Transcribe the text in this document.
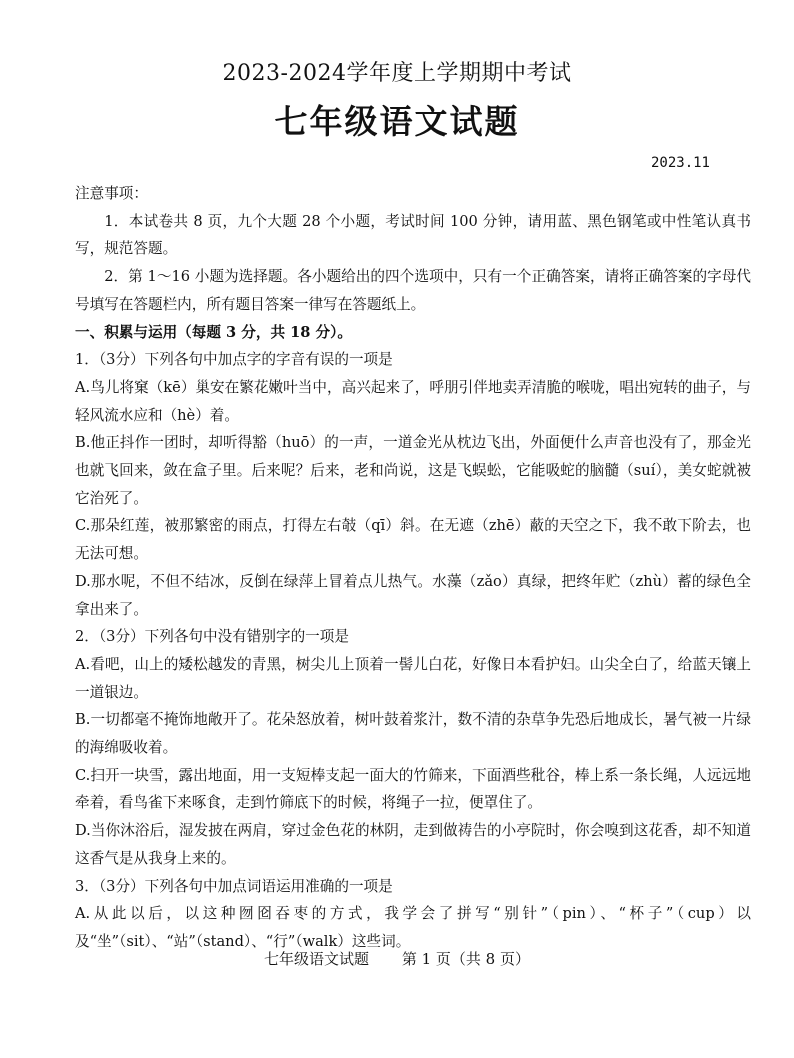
2023-2024学年度上学期期中考试
七年级语文试题
2023.11

注意事项：

1．本试卷共 8 页，九个大题 28 个小题，考试时间 100 分钟，请用蓝、黑色钢笔或中性笔认真书写，规范答题。

2．第 1～16 小题为选择题。各小题给出的四个选项中，只有一个正确答案，请将正确答案的字母代号填写在答题栏内，所有题目答案一律写在答题纸上。

一、积累与运用（每题 3 分，共 18 分）。

1．（3分）下列各句中加点字的字音有误的一项是

A.鸟儿将窠（kē）巢安在繁花嫩叶当中，高兴起来了，呼朋引伴地卖弄清脆的喉咙，唱出宛转的曲子，与轻风流水应和（hè）着。

B.他正抖作一团时，却听得豁（huō）的一声，一道金光从枕边飞出，外面便什么声音也没有了，那金光也就飞回来，敛在盒子里。后来呢？后来，老和尚说，这是飞蜈蚣，它能吸蛇的脑髓（suí），美女蛇就被它治死了。

C.那朵红莲，被那繁密的雨点，打得左右攲（qī）斜。在无遮（zhē）蔽的天空之下，我不敢下阶去，也无法可想。

D.那水呢，不但不结冰，反倒在绿萍上冒着点儿热气。水藻（zǎo）真绿，把终年贮（zhù）蓄的绿色全拿出来了。

2．（3分）下列各句中没有错别字的一项是

A.看吧，山上的矮松越发的青黑，树尖儿上顶着一髻儿白花，好像日本看护妇。山尖全白了，给蓝天镶上一道银边。

B.一切都毫不掩饰地敞开了。花朵怒放着，树叶鼓着浆汁，数不清的杂草争先恐后地成长，暑气被一片绿的海绵吸收着。

C.扫开一块雪，露出地面，用一支短棒支起一面大的竹筛来，下面酒些秕谷，棒上系一条长绳，人远远地牵着，看鸟雀下来啄食，走到竹筛底下的时候，将绳子一拉，便罩住了。

D.当你沐浴后，湿发披在两肩，穿过金色花的林阴，走到做祷告的小亭院时，你会嗅到这花香，却不知道这香气是从我身上来的。

3．（3分）下列各句中加点词语运用准确的一项是

A.从此以后，以这种囫囵吞枣的方式，我学会了拼写“别针”（pin）、“杯子”（cup）以及“坐”（sit）、“站”（stand）、“行”（walk）这些词。

七年级语文试题 第 1 页（共 8 页）
